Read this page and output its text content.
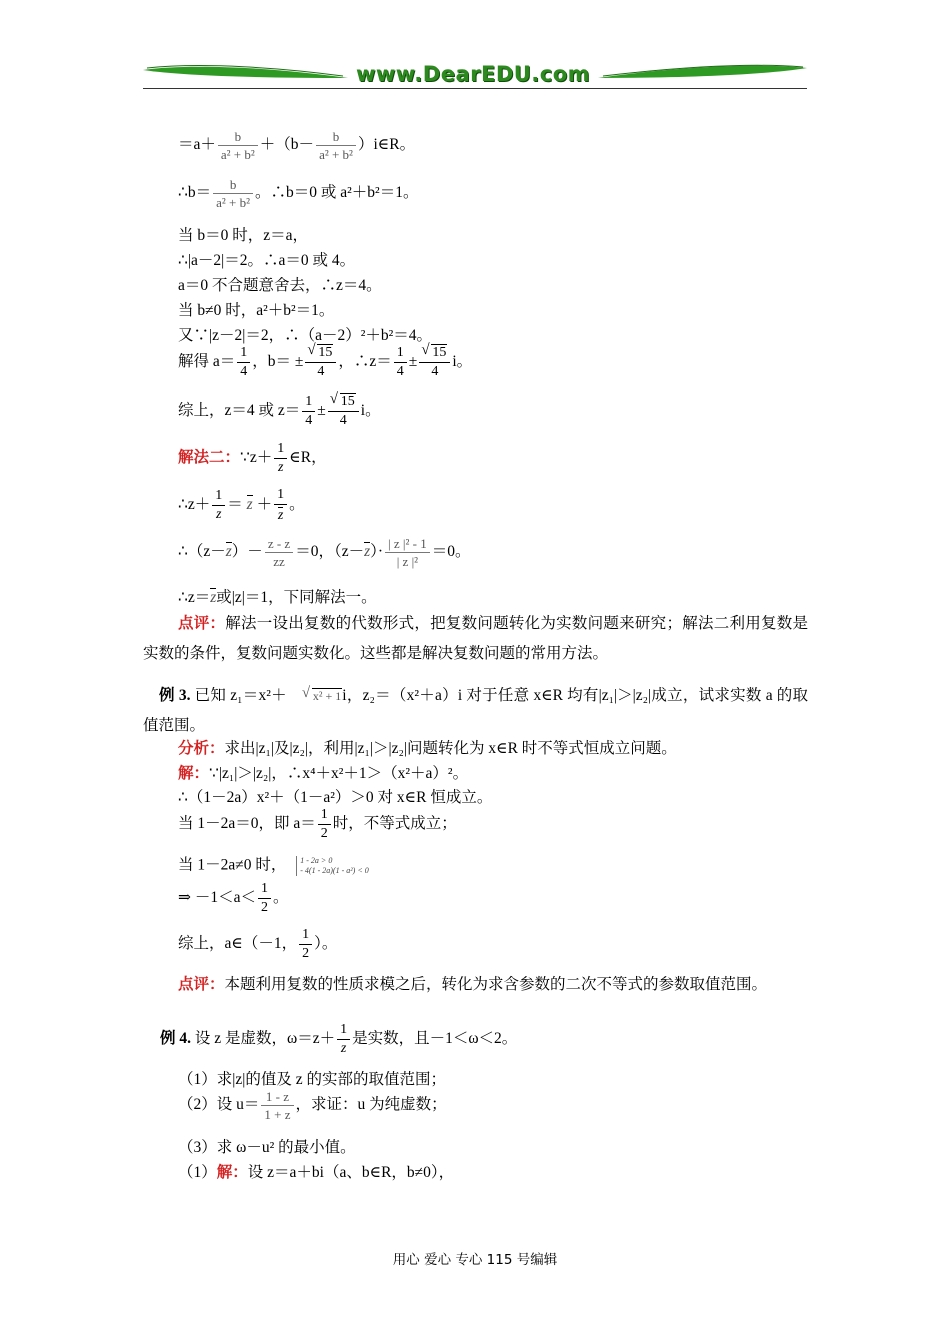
www.DearEDU.com
$=a+ \frac{b}{\text{a² + b²}} +(b- \frac{b}{\text{a² + b²}}$ ）i∈R。
∴b＝ $\frac{b}{\text{a² + b²}}$ 。∴b＝0 或 a²＋b²＝1。
当 b＝0 时，z＝a，
∴|a－2|＝2。∴a＝0 或 4。
a＝0 不合题意舍去，∴z＝4。
当 b≠0 时，a²＋b²＝1。
又∵|z－2|＝2，∴（a－2）²＋b²＝4。
解得 $a= \frac{1}{4}$ ，b＝ ± √ $\frac{15}{4}$ ，∴z＝ $\frac{1}{4}$ ± √ $\frac{15}{4}$ i。
综上，z＝4 或 $z= \frac{1}{4}$ ± √ $\frac{15}{4}$ i。
解法二：∵z＋ $\frac{1}{z}$ ∈R，
∴z＋ $\frac{1}{z} = z + \frac{1}{z}$ 。
∴（z－z）－ $\frac{z - z}{zz} =0$，$(z-z)\cdot \frac{\text{| z |² - 1}}{\text{| z |²}} =0$。
∴z＝z或|z|＝1，下同解法一。
点评：解法一设出复数的代数形式，把复数问题转化为实数问题来研究；解法二利用复数是实数的条件，复数问题实数化。这些都是解决复数问题的常用方法。
例 3. 已知 z₁＝x²＋ √ x² + 1i，z₂＝（x²＋a）i 对于任意 x∈R 均有|z₁|＞|z₂|成立，试求实数 a 的取值范围。
分析：求出|z₁|及|z₂|，利用|z₁|＞|z₂|问题转化为 x∈R 时不等式恒成立问题。
解：∵|z₁|＞|z₂|，∴x⁴＋x²＋1＞（x²＋a）²。
∴（1－2a）x²＋（1－a²）＞0 对 x∈R 恒成立。
当 1－2a＝0，即 $a= \frac{1}{2}$ 时，不等式成立；
当 1－2a≠0 时， 1 - 2a > 0
- 4(1 - 2a)(1 - a²) < 0
⇒ $-1<a< \frac{1}{2}$ 。
综上，a∈（－1， $\frac{1}{2}$ ）。
点评：本题利用复数的性质求模之后，转化为求含参数的二次不等式的参数取值范围。
例 4. 设 z 是虚数，$\omega=z+ \frac{1}{z}$ 是实数，且－1＜ω＜2。
（1）求|z|的值及 z 的实部的取值范围；
（2）设 $u= \frac{1 - z}{1 + z}$ ，求证：u 为纯虚数；
（3）求 ω－u² 的最小值。
（1）解：设 z＝a＋bi（a、b∈R，b≠0），
用心 爱心 专心 115 号编辑
